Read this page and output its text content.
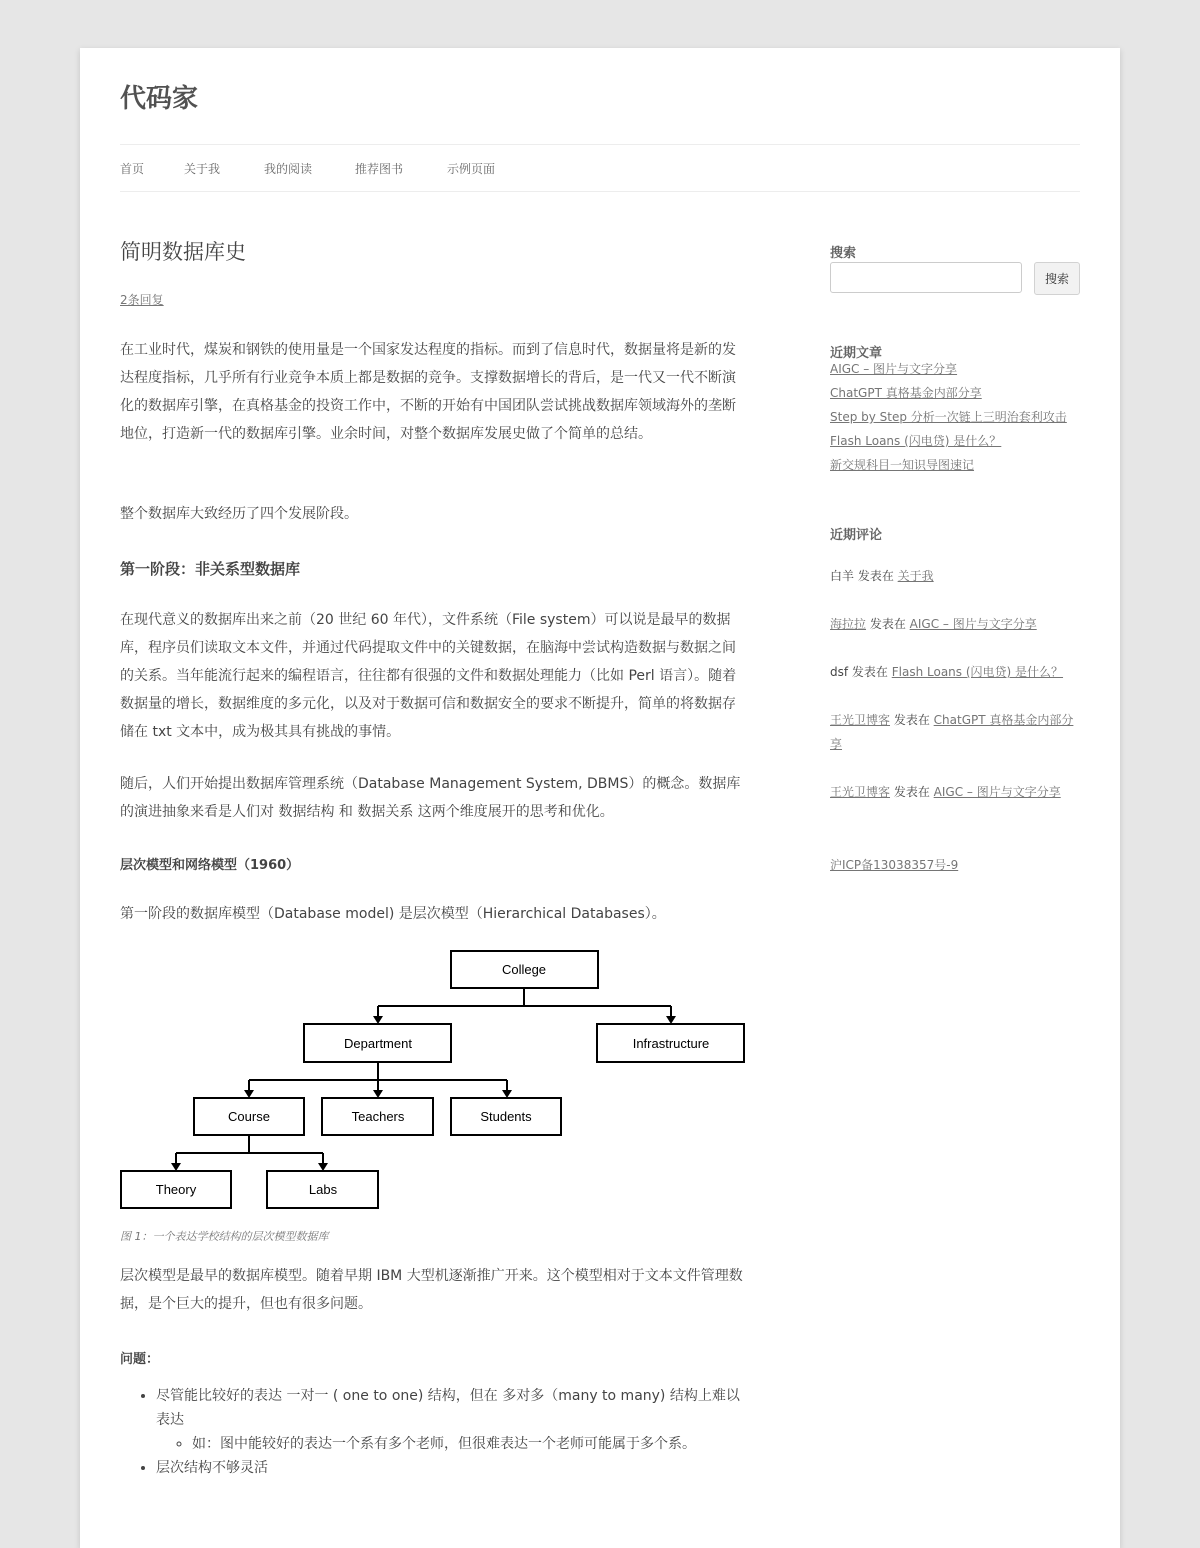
代码家
首页	关于我	我的阅读	推荐图书	示例页面
简明数据库史
2条回复

在工业时代，煤炭和钢铁的使用量是一个国家发达程度的指标。而到了信息时代，数据量将是新的发达程度指标，几乎所有行业竞争本质上都是数据的竞争。支撑数据增长的背后，是一代又一代不断演化的数据库引擎，在真格基金的投资工作中，不断的开始有中国团队尝试挑战数据库领域海外的垄断地位，打造新一代的数据库引擎。业余时间，对整个数据库发展史做了个简单的总结。

整个数据库大致经历了四个发展阶段。

第一阶段：非关系型数据库

在现代意义的数据库出来之前（20 世纪 60 年代），文件系统（File system）可以说是最早的数据库，程序员们读取文本文件，并通过代码提取文件中的关键数据，在脑海中尝试构造数据与数据之间的关系。当年能流行起来的编程语言，往往都有很强的文件和数据处理能力（比如 Perl 语言）。随着数据量的增长，数据维度的多元化，以及对于数据可信和数据安全的要求不断提升，简单的将数据存储在 txt 文本中，成为极其具有挑战的事情。

随后，人们开始提出数据库管理系统（Database Management System, DBMS）的概念。数据库的演进抽象来看是人们对 数据结构 和 数据关系 这两个维度展开的思考和优化。

层次模型和网络模型（1960）

第一阶段的数据库模型（Database model) 是层次模型（Hierarchical Databases）。

College
Department	Infrastructure
Course	Teachers	Students
Theory	Labs
图 1：一个表达学校结构的层次模型数据库

层次模型是最早的数据库模型。随着早期 IBM 大型机逐渐推广开来。这个模型相对于文本文件管理数据，是个巨大的提升，但也有很多问题。

问题：
• 尽管能比较好的表达 一对一 ( one to one) 结构，但在 多对多（many to many) 结构上难以表达
◦ 如：图中能较好的表达一个系有多个老师，但很难表达一个老师可能属于多个系。
• 层次结构不够灵活
搜索
搜索
近期文章
AIGC – 图片与文字分享
ChatGPT 真格基金内部分享
Step by Step 分析一次链上三明治套利攻击
Flash Loans (闪电贷) 是什么？
新交规科目一知识导图速记
近期评论
白羊 发表在 关于我
海拉拉 发表在 AIGC – 图片与文字分享
dsf 发表在 Flash Loans (闪电贷) 是什么？
王光卫博客 发表在 ChatGPT 真格基金内部分享
王光卫博客 发表在 AIGC – 图片与文字分享
沪ICP备13038357号-9
